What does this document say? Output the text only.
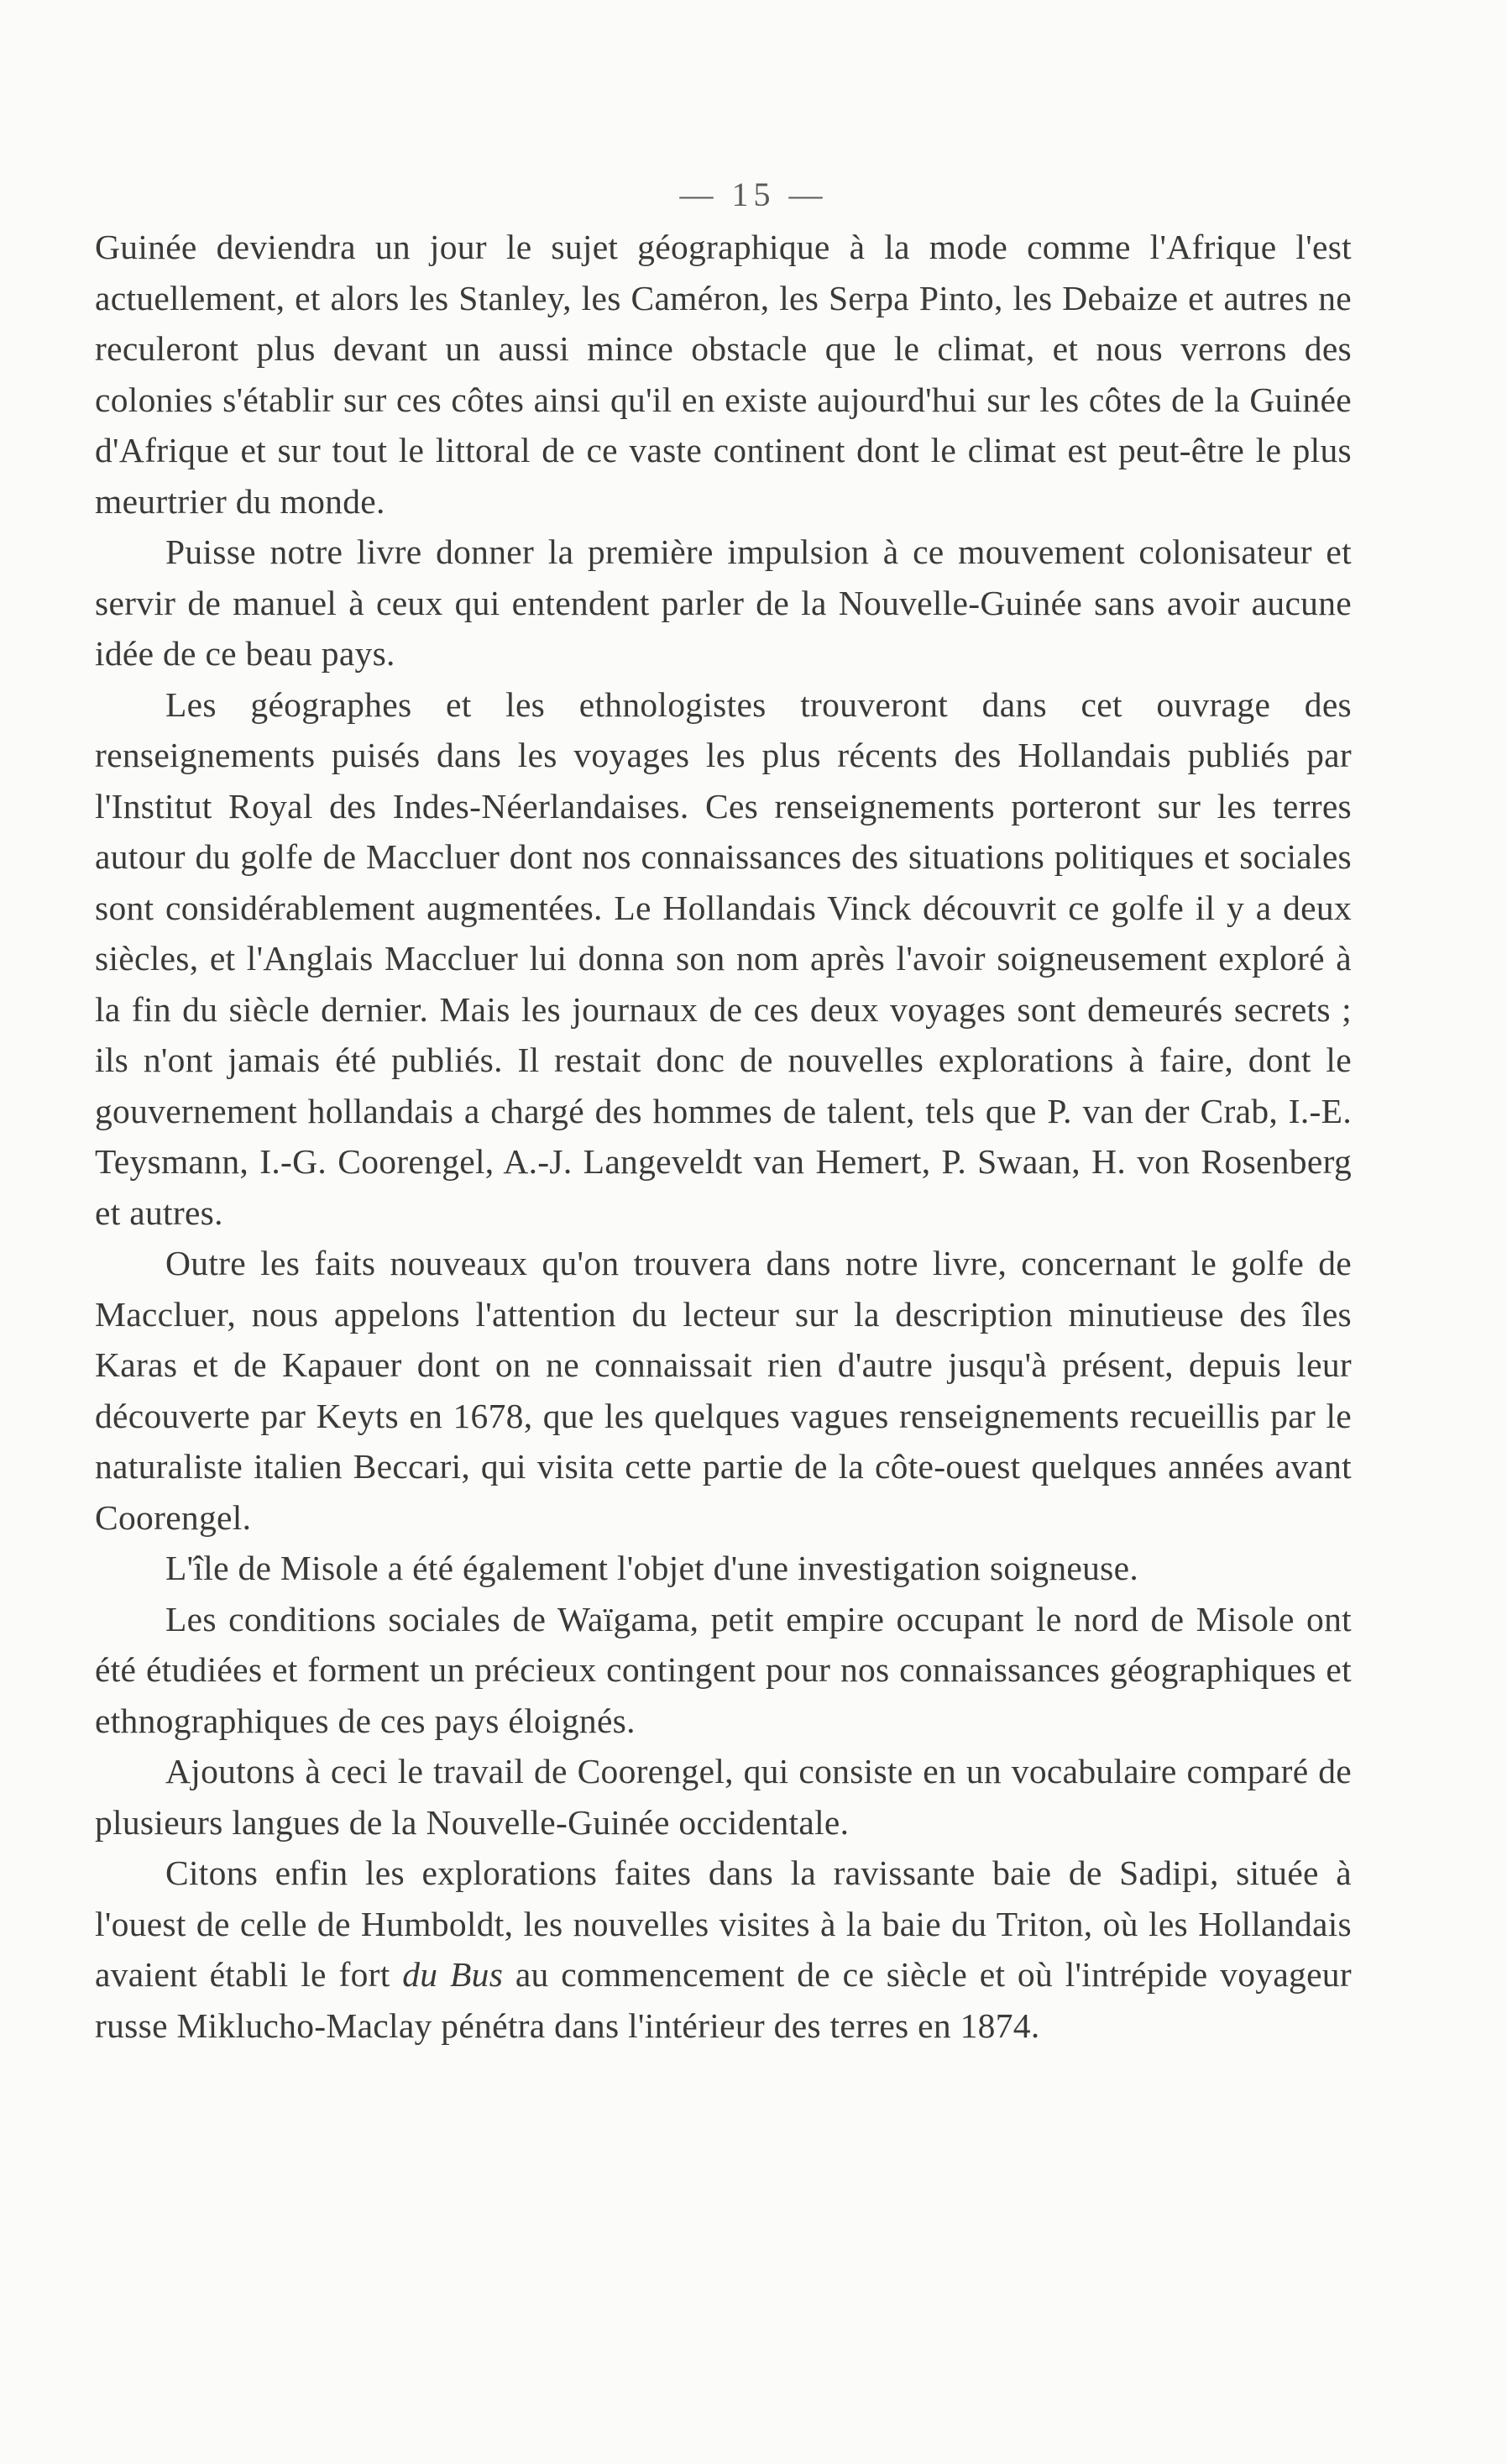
— 15 —

Guinée deviendra un jour le sujet géographique à la mode comme l'Afrique l'est actuellement, et alors les Stanley, les Caméron, les Serpa Pinto, les Debaize et autres ne reculeront plus devant un aussi mince obstacle que le climat, et nous verrons des colonies s'établir sur ces côtes ainsi qu'il en existe aujourd'hui sur les côtes de la Guinée d'Afrique et sur tout le littoral de ce vaste continent dont le climat est peut-être le plus meurtrier du monde.

Puisse notre livre donner la première impulsion à ce mouvement colonisateur et servir de manuel à ceux qui entendent parler de la Nouvelle-Guinée sans avoir aucune idée de ce beau pays.

Les géographes et les ethnologistes trouveront dans cet ouvrage des renseignements puisés dans les voyages les plus récents des Hollandais publiés par l'Institut Royal des Indes-Néerlandaises. Ces renseignements porteront sur les terres autour du golfe de Maccluer dont nos connaissances des situations politiques et sociales sont considérablement augmentées. Le Hollandais Vinck découvrit ce golfe il y a deux siècles, et l'Anglais Maccluer lui donna son nom après l'avoir soigneusement exploré à la fin du siècle dernier. Mais les journaux de ces deux voyages sont demeurés secrets ; ils n'ont jamais été publiés. Il restait donc de nouvelles explorations à faire, dont le gouvernement hollandais a chargé des hommes de talent, tels que P. van der Crab, I.-E. Teysmann, I.-G. Coorengel, A.-J. Langeveldt van Hemert, P. Swaan, H. von Rosenberg et autres.

Outre les faits nouveaux qu'on trouvera dans notre livre, concernant le golfe de Maccluer, nous appelons l'attention du lecteur sur la description minutieuse des îles Karas et de Kapauer dont on ne connaissait rien d'autre jusqu'à présent, depuis leur découverte par Keyts en 1678, que les quelques vagues renseignements recueillis par le naturaliste italien Beccari, qui visita cette partie de la côte-ouest quelques années avant Coorengel.

L'île de Misole a été également l'objet d'une investigation soigneuse.

Les conditions sociales de Waïgama, petit empire occupant le nord de Misole ont été étudiées et forment un précieux contingent pour nos connaissances géographiques et ethnographiques de ces pays éloignés.

Ajoutons à ceci le travail de Coorengel, qui consiste en un vocabulaire comparé de plusieurs langues de la Nouvelle-Guinée occidentale.

Citons enfin les explorations faites dans la ravissante baie de Sadipi, située à l'ouest de celle de Humboldt, les nouvelles visites à la baie du Triton, où les Hollandais avaient établi le fort du Bus au commencement de ce siècle et où l'intrépide voyageur russe Miklucho-Maclay pénétra dans l'intérieur des terres en 1874.
